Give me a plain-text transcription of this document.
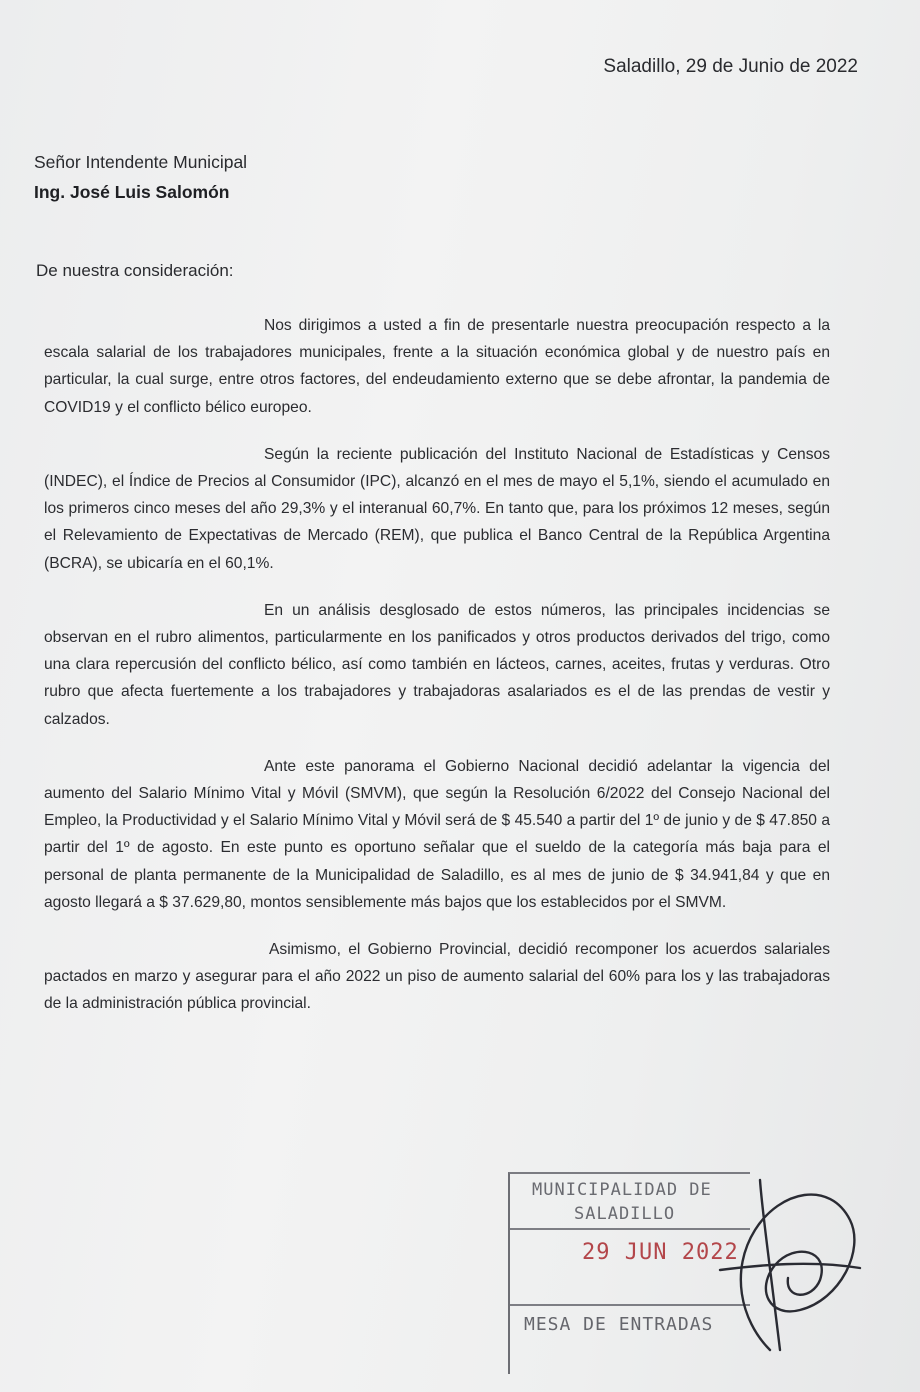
Saladillo, 29 de Junio de 2022
Señor Intendente Municipal
Ing. José Luis Salomón
De nuestra consideración:

Nos dirigimos a usted a fin de presentarle nuestra preocupación respecto a la escala salarial de los trabajadores municipales, frente a la situación económica global y de nuestro país en particular, la cual surge, entre otros factores, del endeudamiento externo que se debe afrontar, la pandemia de COVID19 y el conflicto bélico europeo.

Según la reciente publicación del Instituto Nacional de Estadísticas y Censos (INDEC), el Índice de Precios al Consumidor (IPC), alcanzó en el mes de mayo el 5,1%, siendo el acumulado en los primeros cinco meses del año 29,3% y el interanual 60,7%. En tanto que, para los próximos 12 meses, según el Relevamiento de Expectativas de Mercado (REM), que publica el Banco Central de la República Argentina (BCRA), se ubicaría en el 60,1%.

En un análisis desglosado de estos números, las principales incidencias se observan en el rubro alimentos, particularmente en los panificados y otros productos derivados del trigo, como una clara repercusión del conflicto bélico, así como también en lácteos, carnes, aceites, frutas y verduras. Otro rubro que afecta fuertemente a los trabajadores y trabajadoras asalariados es el de las prendas de vestir y calzados.

Ante este panorama el Gobierno Nacional decidió adelantar la vigencia del aumento del Salario Mínimo Vital y Móvil (SMVM), que según la Resolución 6/2022 del Consejo Nacional del Empleo, la Productividad y el Salario Mínimo Vital y Móvil será de $ 45.540 a partir del 1º de junio y de $ 47.850 a partir del 1º de agosto. En este punto es oportuno señalar que el sueldo de la categoría más baja para el personal de planta permanente de la Municipalidad de Saladillo, es al mes de junio de $ 34.941,84 y que en agosto llegará a $ 37.629,80, montos sensiblemente más bajos que los establecidos por el SMVM.

Asimismo, el Gobierno Provincial, decidió recomponer los acuerdos salariales pactados en marzo y asegurar para el año 2022 un piso de aumento salarial del 60% para los y las trabajadoras de la administración pública provincial.

MUNICIPALIDAD DE
SALADILLO
29 JUN 2022
MESA DE ENTRADAS
